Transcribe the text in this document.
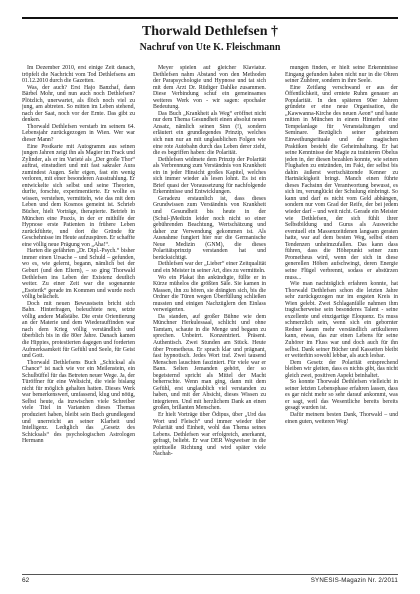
Thorwald Dethlefsen †
Nachruf von Ute K. Fleischmann

Im Dezember 2010, erst einige Zeit danach, tröpfelt die Nachricht vom Tod Dethlefsens am 01.12.2010 durch die Gazetten.

Was, der auch? Erst Hajo Banzhaf, dann Bärbel Mohr, und nun auch noch Dethlefsen? Plötzlich, unerwartet, als flöch noch viel zu jung, am abtreten. So mitten im Leben stehend, nach der Saat, noch vor der Ernte. Das gibt zu denken.

Thorwald Dethlefsen verstarb im seinem 64. Lebensjahr zurückgezogen in Wien. Wer war dieser Mann?

Eine Postkarte mit Autogramm aus seinen jungen Jahren zeigt ihn als Magier im Frack und Zylinder, als er im Varieté als „Der große Thor“ auftrat, einstudiert und mit fast sakraler Aura zumindest Augen. Sehr eigen, fast ein wenig verloren, mit einer besonderen Ausstrahlung. Er entwickelte sich selbst und seine Theorien, durfte, forschte, experimentierte. Er wollte es wissen, verstehen, vermitteln, wie das mit dem Leben und dem Kosmos gemeint ist. Schrieb Bücher, hielt Vorträge, therapierte. Betrieb in München eine Praxis, in der er mithilfe der Hypnose erste Patienten in frühere Leben zurückführte, und dort die Gründe für Geschehnisse im Heute aufzuspüren. Er schaffte eine völlig neue Prägung von „Aha!“.

Harten die gefährten „Dr. Dipl.-Psych.“ bisher immer einen Ursache – und Schuld – gefunden, wo es, wie gelernt, begann, nämlich bei der Geburt (und den Eltern), – so ging Thorwald Dethlefsen ins Leben der Existenz deutlich weiter. Zu einer Zeit war die sogenannte „Esoterik“ gerade im Kommen und wurde noch völlig belächelt.

Doch mit neuen Bewusstsein bricht sich Bahn. Hinterfragen, beleuchtete neu, setzte völlig andere Maßstäbe. Die erste Orientierung an der Materie und dem Wiederauffinden war nach dem Krieg völlig verständlich und überblich bis in die 80er Jahre. Danach kamen die Hippies, protestierten dagegen und forderten Aufmerksamkeit für Gefühl und Seele, für Geist und Gott.

Thorwald Dethlefsens Buch „Schicksal als Chance“ ist nach wie vor ein Meilenstein, ein Schulbüffel für das Betreten neuer Wege. Ja, der Türöffner für eine Weltsicht, die viele bislang nicht für möglich gehalten hatten. Dieses Werk war bemerkenswert, umfassend, klug und nötig, Selbst heute, da inzwischen viele Schreiber viele Titel in Varianten dieses Themas produziert haben, bleibt sein Buch grundlegend und unerreicht an seiner Klarheit und Intelligenz. Lediglich das „Gesetz des Schicksals“ des psychologischen Astrologen Hermann

Meyer spielen auf gleicher Klaviatur. Dethlefsen nahm Abstand von den Methoden der Parapsychologie und Hypnose und tat sich mit dem Arzt Dr. Rüdiger Dahlke zusammen. Diese Verbindung schuf ein gemeinsames weiteres Werk von - wir sagen: epochaler Bedeutung.

Das Buch „Krankheit als Weg“ eröffnet nicht nur dem Thema Gesundheit einen absolut neuen Ansatz, nämlich seinen Sinn (!), sondern erläutert ein grundlegendes Prinzip, welches sich nun nur an mit unglaublichen Folgen wie eine rote Autobahn durch das Leben derer zieht, die es begriffen haben: die Polarität.

Dethlefsen widmete dem Prinzip der Polarität als Verbrennung zum Verständnis von Krankheit ein in jeder Hinsicht großes Kapitel, welches sich immer wieder als lesen lohnt. Es ist ein Brief quasi der Voraussetzung für nachfolgende Erkenntnisse und Entwicklungen.

Geradezu erstaunlich ist, dass dieses Grundwissen zum Verständnis von Krankheit und Gesundheit bis heute in der (Schul-)Medizin leider noch nicht so einer gebührenden Beachtung, Wertschätzung und daher zur Verwendung gekommen ist. Als Ausnahme fungiert hier nur die Germanische Neue Medizin (GNM), die dieses Polaritätsprinzip verstanden hat und berücksichtigt.

Dethlefsen war der „Lieber“ einer Zeitqualität und ein Meister in seiner Art, dies zu vermitteln.

Wo ein Plakat ihn ankündigte, füllte er in Kürze mühelos die größten Säle. Sie kamen in Massen, ihn zu hören, sie drängten sich, bis die Ordner die Türen wegen Überfüllung schließen mussten und einigen Nachzüglern den Einlass verweigerten.

Da standen, auf großer Bühne wie dem Münchner Herkulessaal, schlicht und ohne Tamtam, schaute in die Menge und begann zu sprechen. Unbeirrt. Konzentriert. Präsent. Authentisch. Zwei Stunden am Stück. Heute über Prometheus. Er sprach klar und prägnant, fast hypnotisch. Jedes Wort traf. Zwei tausend Menschen lauschten fasziniert. Für viele war er Bann. Selten Jemanden gehört, der so begeisternd spricht als Mittel der Macht beherrschte. Wenn man ging, dann mit dem Gefühl, erst unglaublich viel verstanden zu haben, und mit der Absicht, dieses Wissen zu integrieren. Und mit herzlichem Dank an einen großen, brillanten Menschen.

Er hielt Vorträge über Ödipus, über „Urd das Wort und Fleisch“ und immer wieder über Polarität und Einheit, wohl das Thema seines Lebens. Dethlefsen war erfolgreich, anerkannt, gefragt, beliebt. Er war DER Wegweiser in die spirituelle Richtung und wird später viele Nachah-

mungen finden, er hielt seine Erkenntnisse Eingang gefunden haben nicht nur in die Ohren seiner Zuhörer, sondern in ihre Seele.

Eine Zeitlang verschwand er aus der Öffentlichkeit, und erntete Ruhm genauer an Popularität. In den späteren 90er Jahren gründete er eine neue Organisation, die „Kawwanna-Kirche des neuen Aeon“ und baute mitten in München in einem Hinterhof eine Tempelanlage für Veranstaltungen und Seminare. Bezüglich seiner geheimen Einweihungsrituale und der magischen Praktiken besteht die Geheimhaltung. Er hat seine Kenntnisse der Magie zu trainieren Obelus jeden in, der diesen bezahlen konnte, wie seinen Flughafen zu entzünden, im Fakt, der selbst bis dahin äußerst wertschätzende Kenner zu Hartnäckigkeit bringt. Manch einen führte dieses Fachsinn der Verantwortung bewusst, es sich im, verunglückt der Schulung einbringt. So kann und darf es nicht vom Geld abhängen, sondern nur vom Grad der Reife, der bei jedem wieder darf – und weit nicht. Gerade ein Meister wie Dethlefsen, der sich fühlt ihrer Selbstbildung und Gurus als Ausweiche eventuell ein Massenzeitdenen langsam geraten hatte, war auf dem besten Weg, selbst einen Tendenzen unheimzufallen. Das kann dass führen, dass die Höhepunkt seiner zum Prometheus wird, wenn der sich in diese generellen Höhen aufschwingt, deren Energie seine Flügel verbrennt, sodass er abstürzen muss...

Wie man nachträglich erfahren konnte, hat Thorwald Dethlefsen schon die letzten Jahre sehr zurückgezogen nur im engsten Kreis in Wien gelebt. Zwei Schlaganfälle nahmen ihm tragischerweise sein besonderes Talent - seine exzellente und einzigartige Eloquenz. Es muss schmerzlich sein, wenn sich ein gebornter Redner kaum mehr verständlich artikulieren kann, etwas, das zur einen Lebens für seine Zuhörer im Fluss war und doch auch für ihn selbst. Dank seiner Bücher und Kassetten bleibt er weiterhin sowohl lebbar, als auch lesbar.

Dem Gesetz der Polarität entsprechend bleiben wir gleiten, dass es nichts gibt, das nicht gleich zwei, positiven Aspekt beinhaltet.

So konnte Thorwald Dethlefsen vielleicht in seiner letzten Lebensphase erfahren lassen, dass es gar nicht mehr so sehr darauf ankommt, was er sagt, weil das Wesentliche bereits bereits gesagt wurden ist.

Dafür meinem besten Dank, Thorwald – und einen guten, weiteren Weg!

62	SYNESIS-Magazin Nr. 2/2011
